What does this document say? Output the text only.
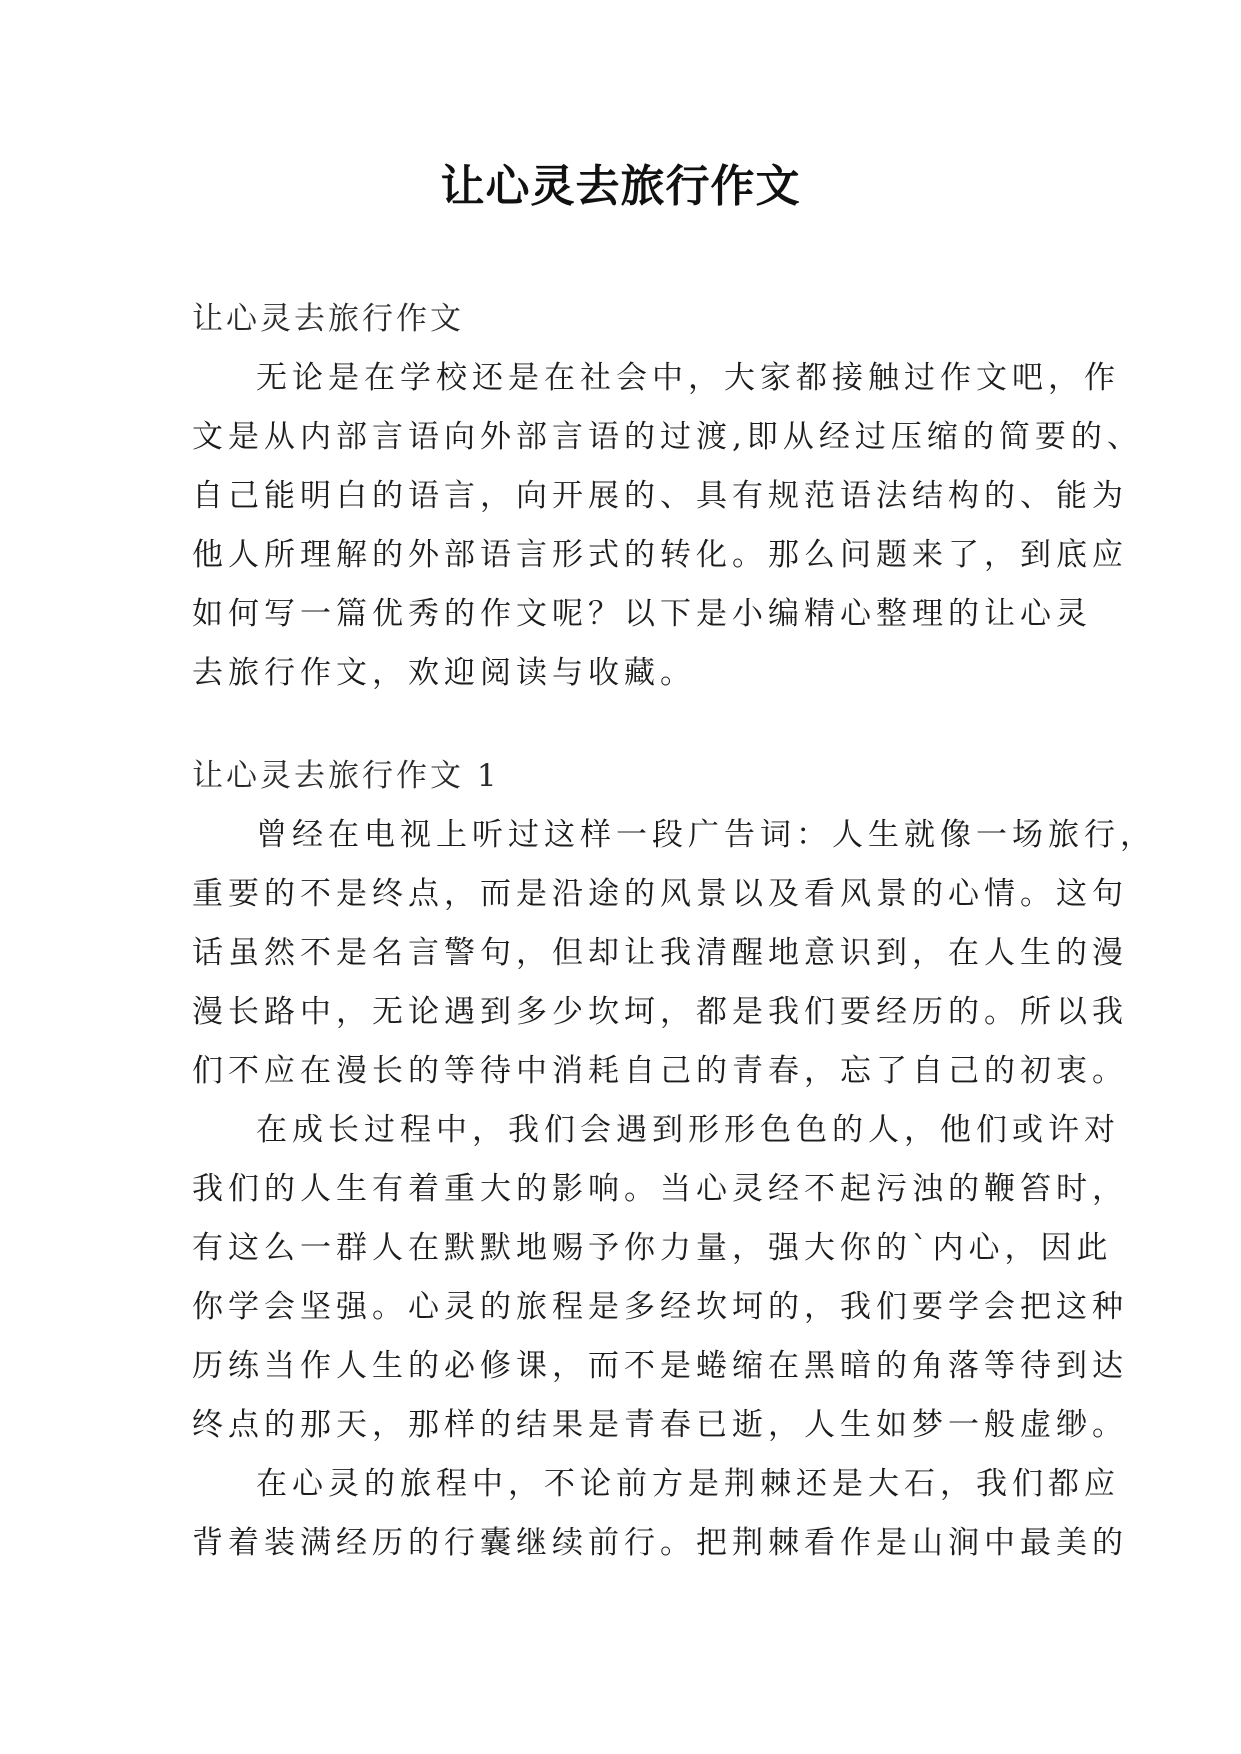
让心灵去旅行作文
让心灵去旅行作文
无论是在学校还是在社会中，大家都接触过作文吧，作
文是从内部言语向外部言语的过渡,即从经过压缩的简要的、
自己能明白的语言，向开展的、具有规范语法结构的、能为
他人所理解的外部语言形式的转化。那么问题来了，到底应
如何写一篇优秀的作文呢？以下是小编精心整理的让心灵
去旅行作文，欢迎阅读与收藏。
让心灵去旅行作文 1
曾经在电视上听过这样一段广告词：人生就像一场旅行，
重要的不是终点，而是沿途的风景以及看风景的心情。这句
话虽然不是名言警句，但却让我清醒地意识到，在人生的漫
漫长路中，无论遇到多少坎坷，都是我们要经历的。所以我
们不应在漫长的等待中消耗自己的青春，忘了自己的初衷。
在成长过程中，我们会遇到形形色色的人，他们或许对
我们的人生有着重大的影响。当心灵经不起污浊的鞭笞时，
有这么一群人在默默地赐予你力量，强大你的`内心，因此
你学会坚强。心灵的旅程是多经坎坷的，我们要学会把这种
历练当作人生的必修课，而不是蜷缩在黑暗的角落等待到达
终点的那天，那样的结果是青春已逝，人生如梦一般虚缈。
在心灵的旅程中，不论前方是荆棘还是大石，我们都应
背着装满经历的行囊继续前行。把荆棘看作是山涧中最美的
